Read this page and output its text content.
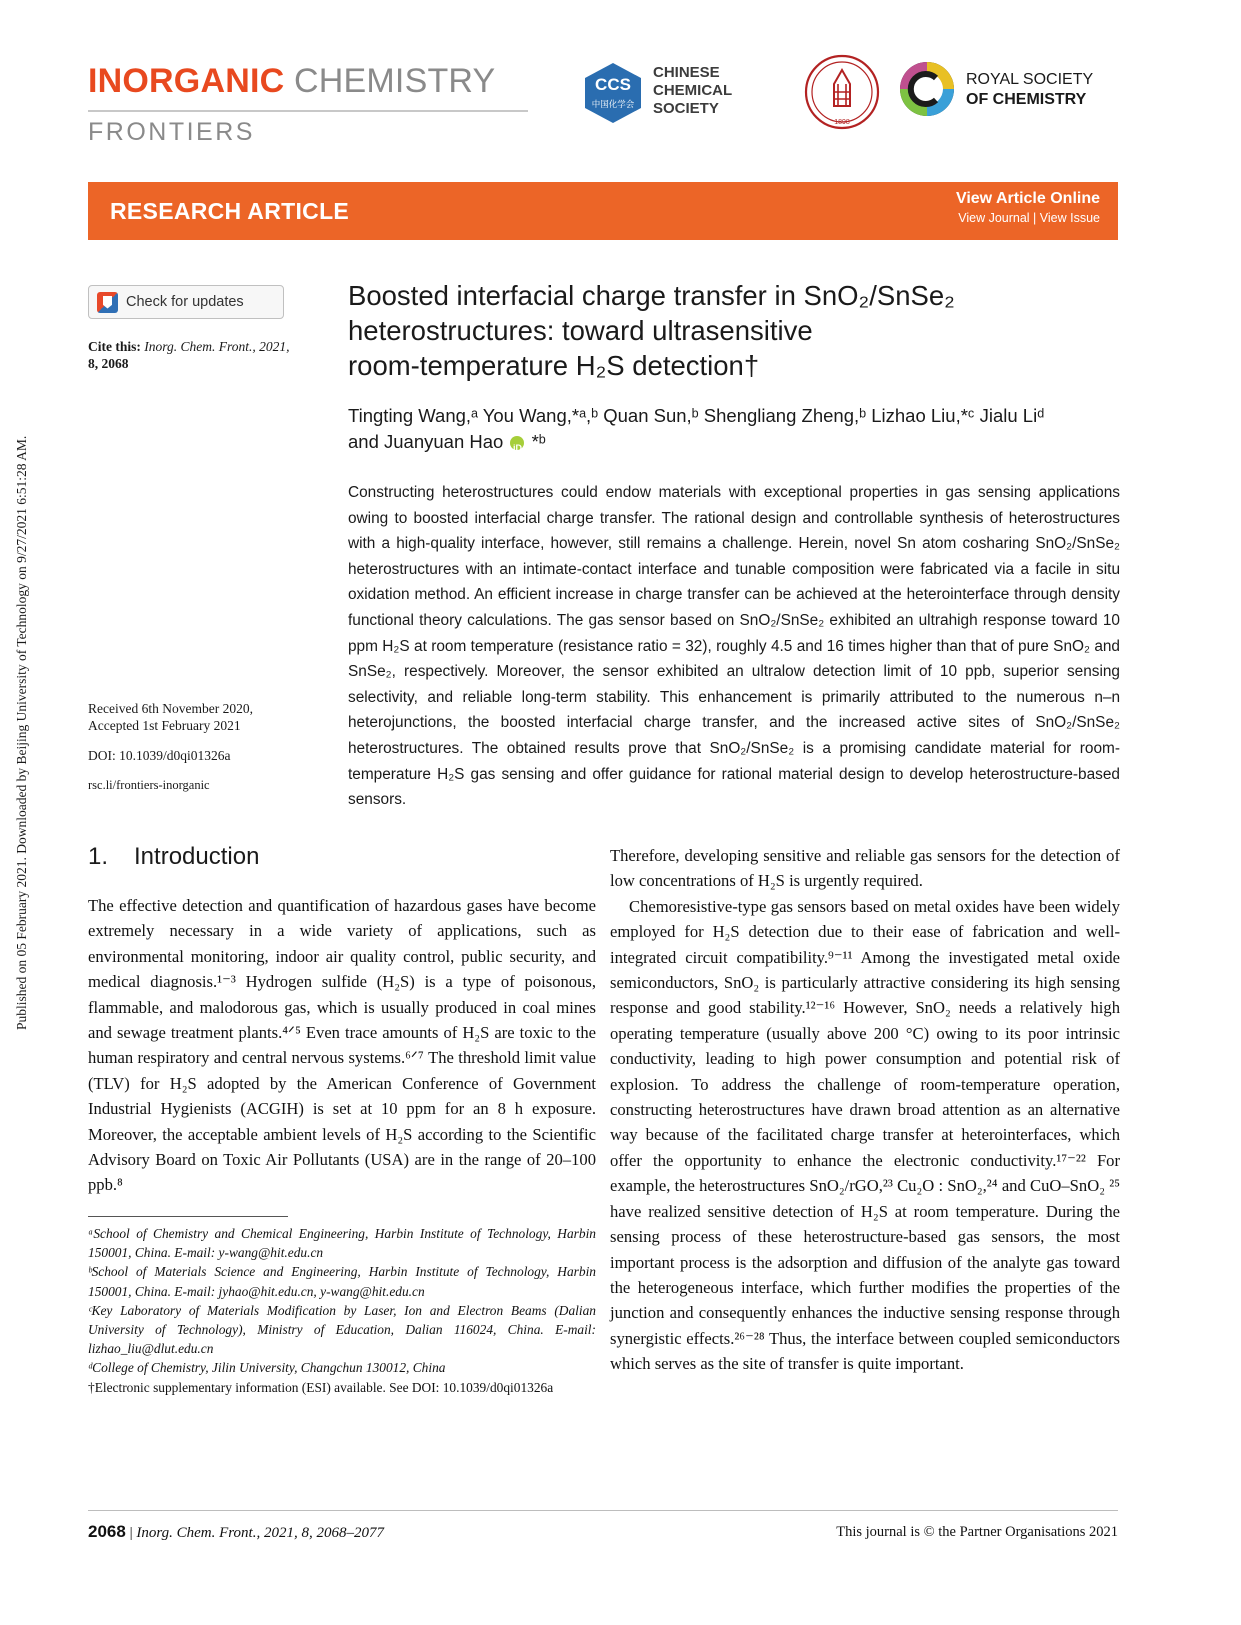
Published on 05 February 2021. Downloaded by Beijing University of Technology on 9/27/2021 6:51:28 AM.
INORGANIC CHEMISTRY
FRONTIERS
CCS
中国化学会
CHINESE
CHEMICAL
SOCIETY
1898
ROYAL SOCIETY
OF CHEMISTRY
RESEARCH ARTICLE	View Article Online
View Journal | View Issue
Check for updates
Cite this: Inorg. Chem. Front., 2021,
8, 2068
Received 6th November 2020,
Accepted 1st February 2021
DOI: 10.1039/d0qi01326a
rsc.li/frontiers-inorganic
Boosted interfacial charge transfer in SnO₂/SnSe₂
heterostructures: toward ultrasensitive
room-temperature H₂S detection†
Tingting Wang,ᵃ You Wang,*ᵃ,ᵇ Quan Sun,ᵇ Shengliang Zheng,ᵇ Lizhao Liu,*ᶜ Jialu Liᵈ
and Juanyuan Hao iD *ᵇ
Constructing heterostructures could endow materials with exceptional properties in gas sensing applications owing to boosted interfacial charge transfer. The rational design and controllable synthesis of heterostructures with a high-quality interface, however, still remains a challenge. Herein, novel Sn atom cosharing SnO₂/SnSe₂ heterostructures with an intimate-contact interface and tunable composition were fabricated via a facile in situ oxidation method. An efficient increase in charge transfer can be achieved at the heterointerface through density functional theory calculations. The gas sensor based on SnO₂/SnSe₂ exhibited an ultrahigh response toward 10 ppm H₂S at room temperature (resistance ratio = 32), roughly 4.5 and 16 times higher than that of pure SnO₂ and SnSe₂, respectively. Moreover, the sensor exhibited an ultralow detection limit of 10 ppb, superior sensing selectivity, and reliable long-term stability. This enhancement is primarily attributed to the numerous n–n heterojunctions, the boosted interfacial charge transfer, and the increased active sites of SnO₂/SnSe₂ heterostructures. The obtained results prove that SnO₂/SnSe₂ is a promising candidate material for room-temperature H₂S gas sensing and offer guidance for rational material design to develop heterostructure-based sensors.
1. Introduction

The effective detection and quantification of hazardous gases have become extremely necessary in a wide variety of applications, such as environmental monitoring, indoor air quality control, public security, and medical diagnosis.¹⁻³ Hydrogen sulfide (H₂S) is a type of poisonous, flammable, and malodorous gas, which is usually produced in coal mines and sewage treatment plants.⁴ᐟ⁵ Even trace amounts of H₂S are toxic to the human respiratory and central nervous systems.⁶ᐟ⁷ The threshold limit value (TLV) for H₂S adopted by the American Conference of Government Industrial Hygienists (ACGIH) is set at 10 ppm for an 8 h exposure. Moreover, the acceptable ambient levels of H₂S according to the Scientific Advisory Board on Toxic Air Pollutants (USA) are in the range of 20–100 ppb.⁸

Therefore, developing sensitive and reliable gas sensors for the detection of low concentrations of H₂S is urgently required.

Chemoresistive-type gas sensors based on metal oxides have been widely employed for H₂S detection due to their ease of fabrication and well-integrated circuit compatibility.⁹⁻¹¹ Among the investigated metal oxide semiconductors, SnO₂ is particularly attractive considering its high sensing response and good stability.¹²⁻¹⁶ However, SnO₂ needs a relatively high operating temperature (usually above 200 °C) owing to its poor intrinsic conductivity, leading to high power consumption and potential risk of explosion. To address the challenge of room-temperature operation, constructing heterostructures have drawn broad attention as an alternative way because of the facilitated charge transfer at heterointerfaces, which offer the opportunity to enhance the electronic conductivity.¹⁷⁻²² For example, the heterostructures SnO₂/rGO,²³ Cu₂O : SnO₂,²⁴ and CuO–SnO₂ ²⁵ have realized sensitive detection of H₂S at room temperature. During the sensing process of these heterostructure-based gas sensors, the most important process is the adsorption and diffusion of the analyte gas toward the heterogeneous interface, which further modifies the properties of the junction and consequently enhances the inductive sensing response through synergistic effects.²⁶⁻²⁸ Thus, the interface between coupled semiconductors which serves as the site of transfer is quite important.

ᵃSchool of Chemistry and Chemical Engineering, Harbin Institute of Technology, Harbin 150001, China. E-mail: y-wang@hit.edu.cn
ᵇSchool of Materials Science and Engineering, Harbin Institute of Technology, Harbin 150001, China. E-mail: jyhao@hit.edu.cn, y-wang@hit.edu.cn
ᶜKey Laboratory of Materials Modification by Laser, Ion and Electron Beams (Dalian University of Technology), Ministry of Education, Dalian 116024, China. E-mail: lizhao_liu@dlut.edu.cn
ᵈCollege of Chemistry, Jilin University, Changchun 130012, China
†Electronic supplementary information (ESI) available. See DOI: 10.1039/d0qi01326a
2068 | Inorg. Chem. Front., 2021, 8, 2068–2077	This journal is © the Partner Organisations 2021
